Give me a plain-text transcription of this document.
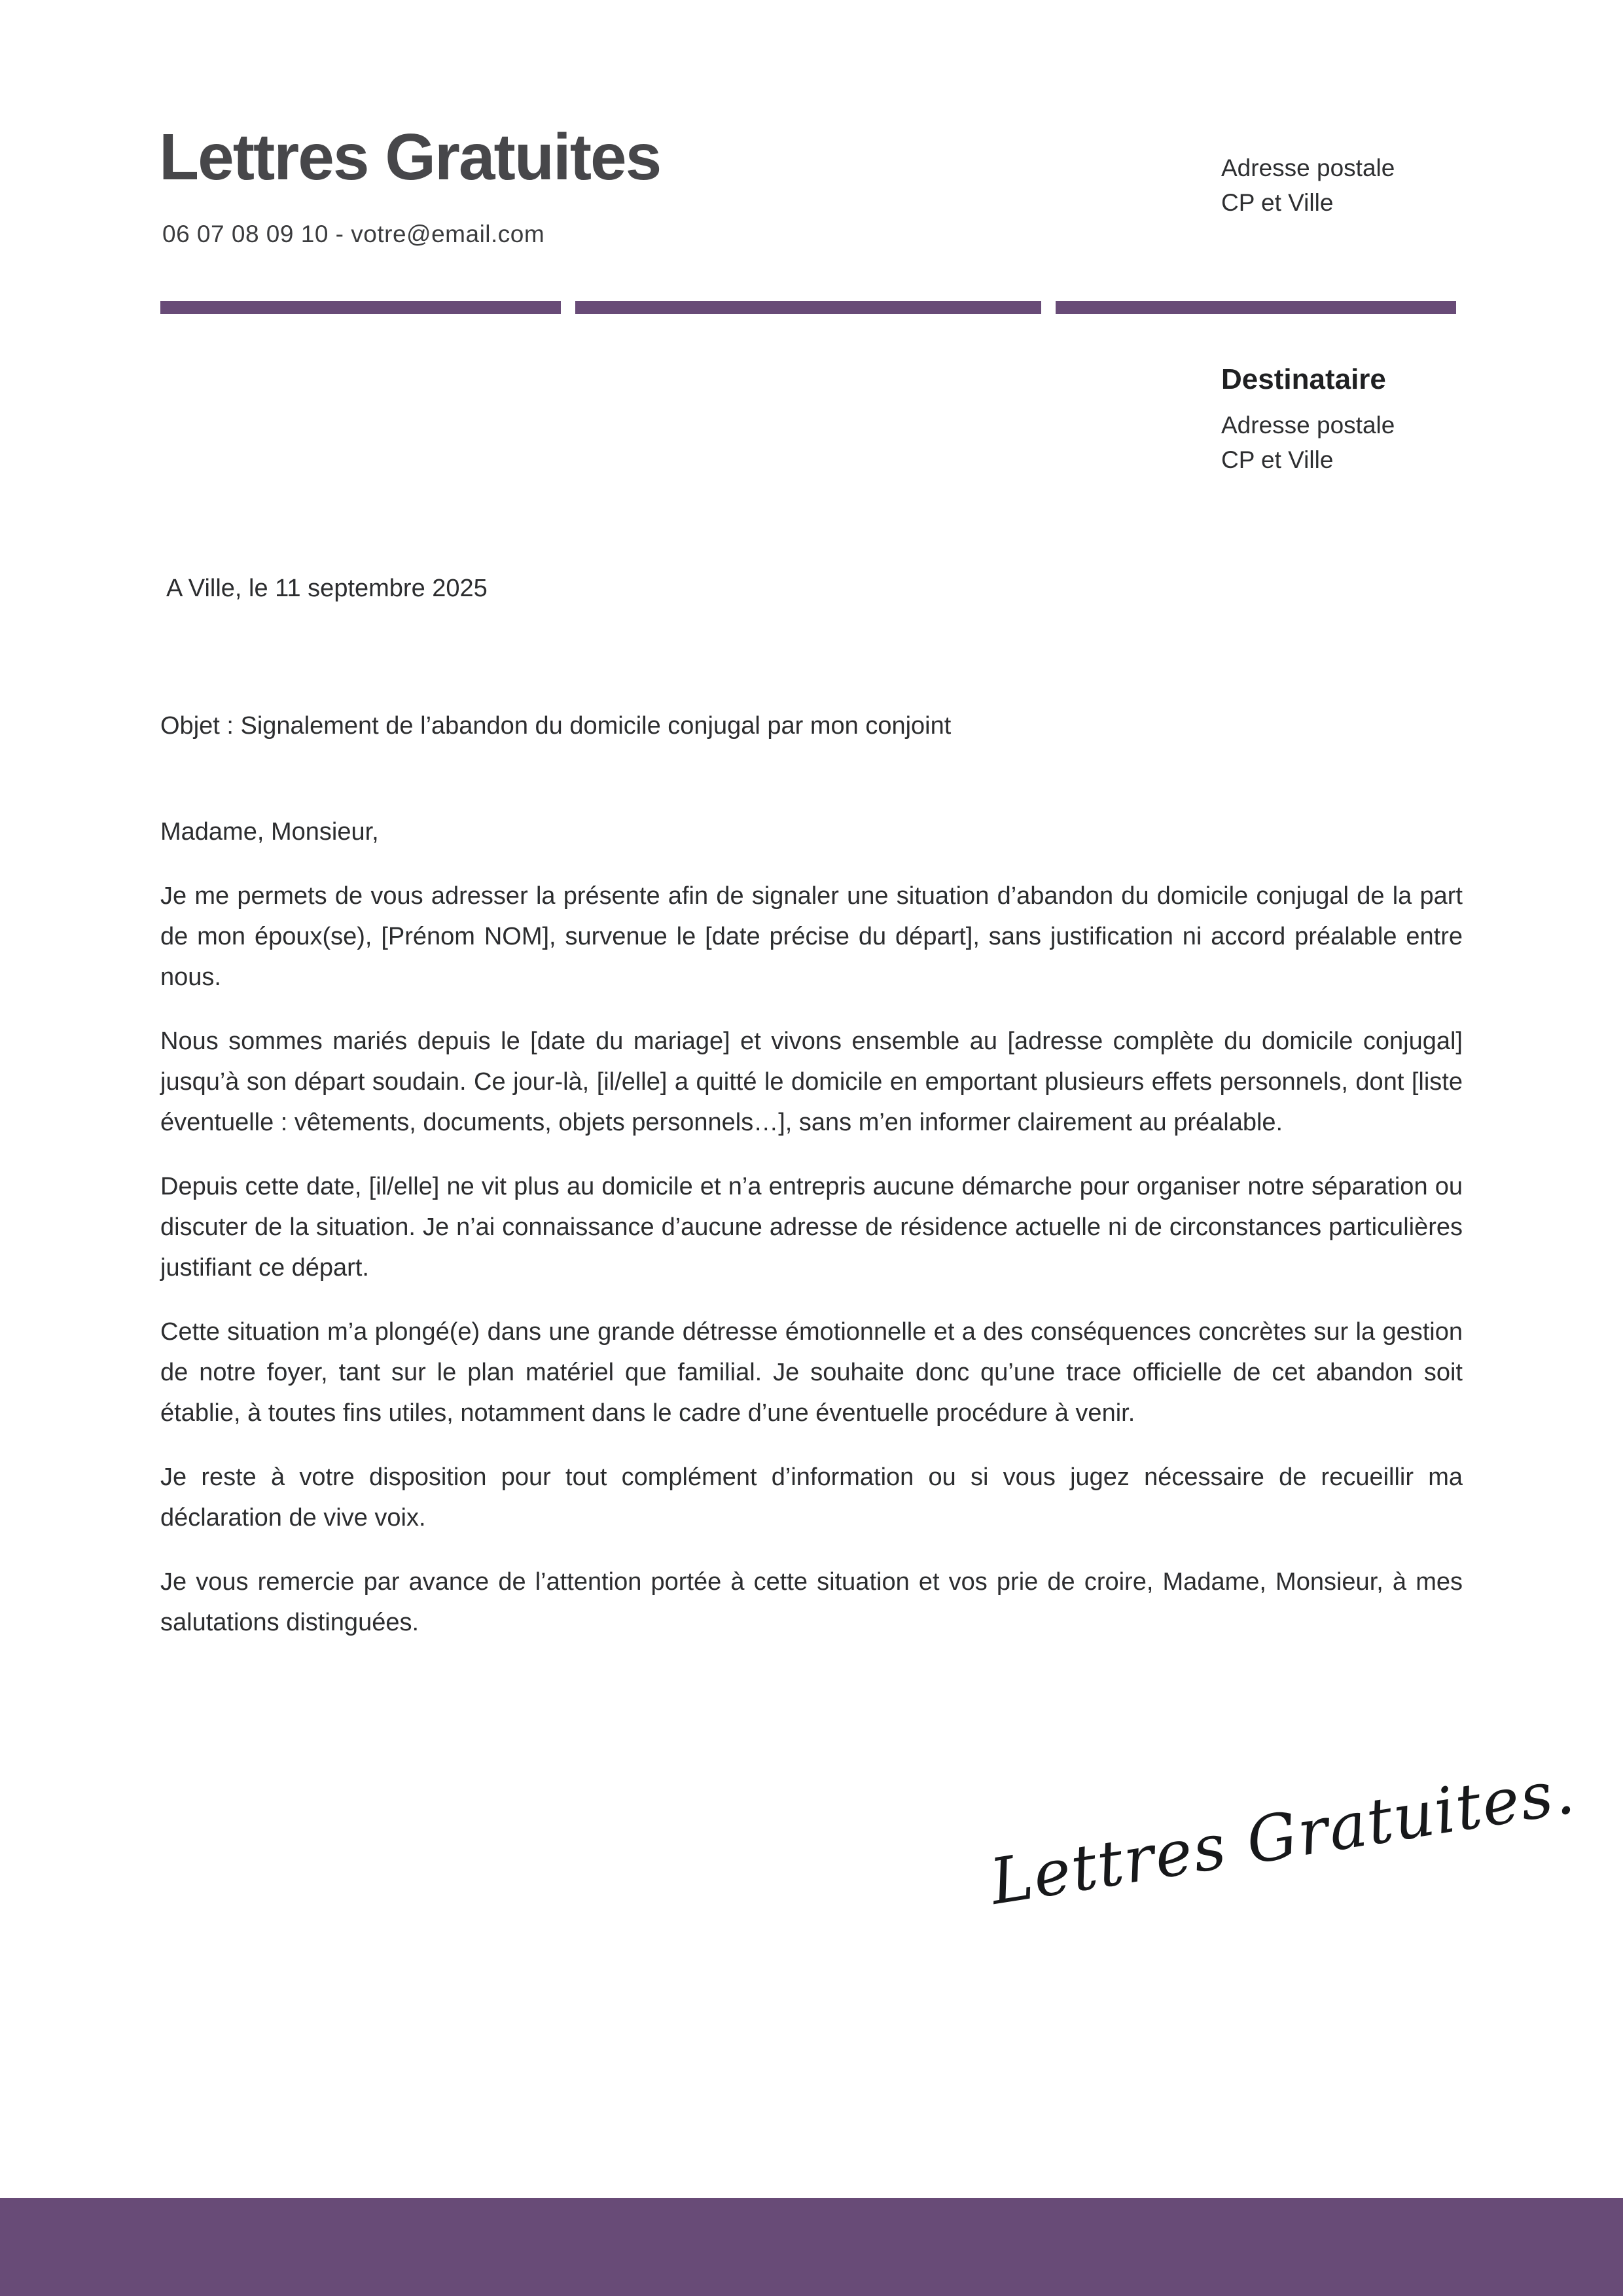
Lettres Gratuites
06 07 08 09 10 - votre@email.com
Adresse postale
CP et Ville
Destinataire
Adresse postale
CP et Ville
A Ville, le 11 septembre 2025
Objet : Signalement de l’abandon du domicile conjugal par mon conjoint

Madame, Monsieur,

Je me permets de vous adresser la présente afin de signaler une situation d’abandon du domicile conjugal de la part de mon époux(se), [Prénom NOM], survenue le [date précise du départ], sans justification ni accord préalable entre nous.

Nous sommes mariés depuis le [date du mariage] et vivons ensemble au [adresse complète du domicile conjugal] jusqu’à son départ soudain. Ce jour-là, [il/elle] a quitté le domicile en emportant plusieurs effets personnels, dont [liste éventuelle : vêtements, documents, objets personnels…], sans m’en informer clairement au préalable.

Depuis cette date, [il/elle] ne vit plus au domicile et n’a entrepris aucune démarche pour organiser notre séparation ou discuter de la situation. Je n’ai connaissance d’aucune adresse de résidence actuelle ni de circonstances particulières justifiant ce départ.

Cette situation m’a plongé(e) dans une grande détresse émotionnelle et a des conséquences concrètes sur la gestion de notre foyer, tant sur le plan matériel que familial. Je souhaite donc qu’une trace officielle de cet abandon soit établie, à toutes fins utiles, notamment dans le cadre d’une éventuelle procédure à venir.

Je reste à votre disposition pour tout complément d’information ou si vous jugez nécessaire de recueillir ma déclaration de vive voix.

Je vous remercie par avance de l’attention portée à cette situation et vos prie de croire, Madame, Monsieur, à mes salutations distinguées.

Lettres Gratuites.
